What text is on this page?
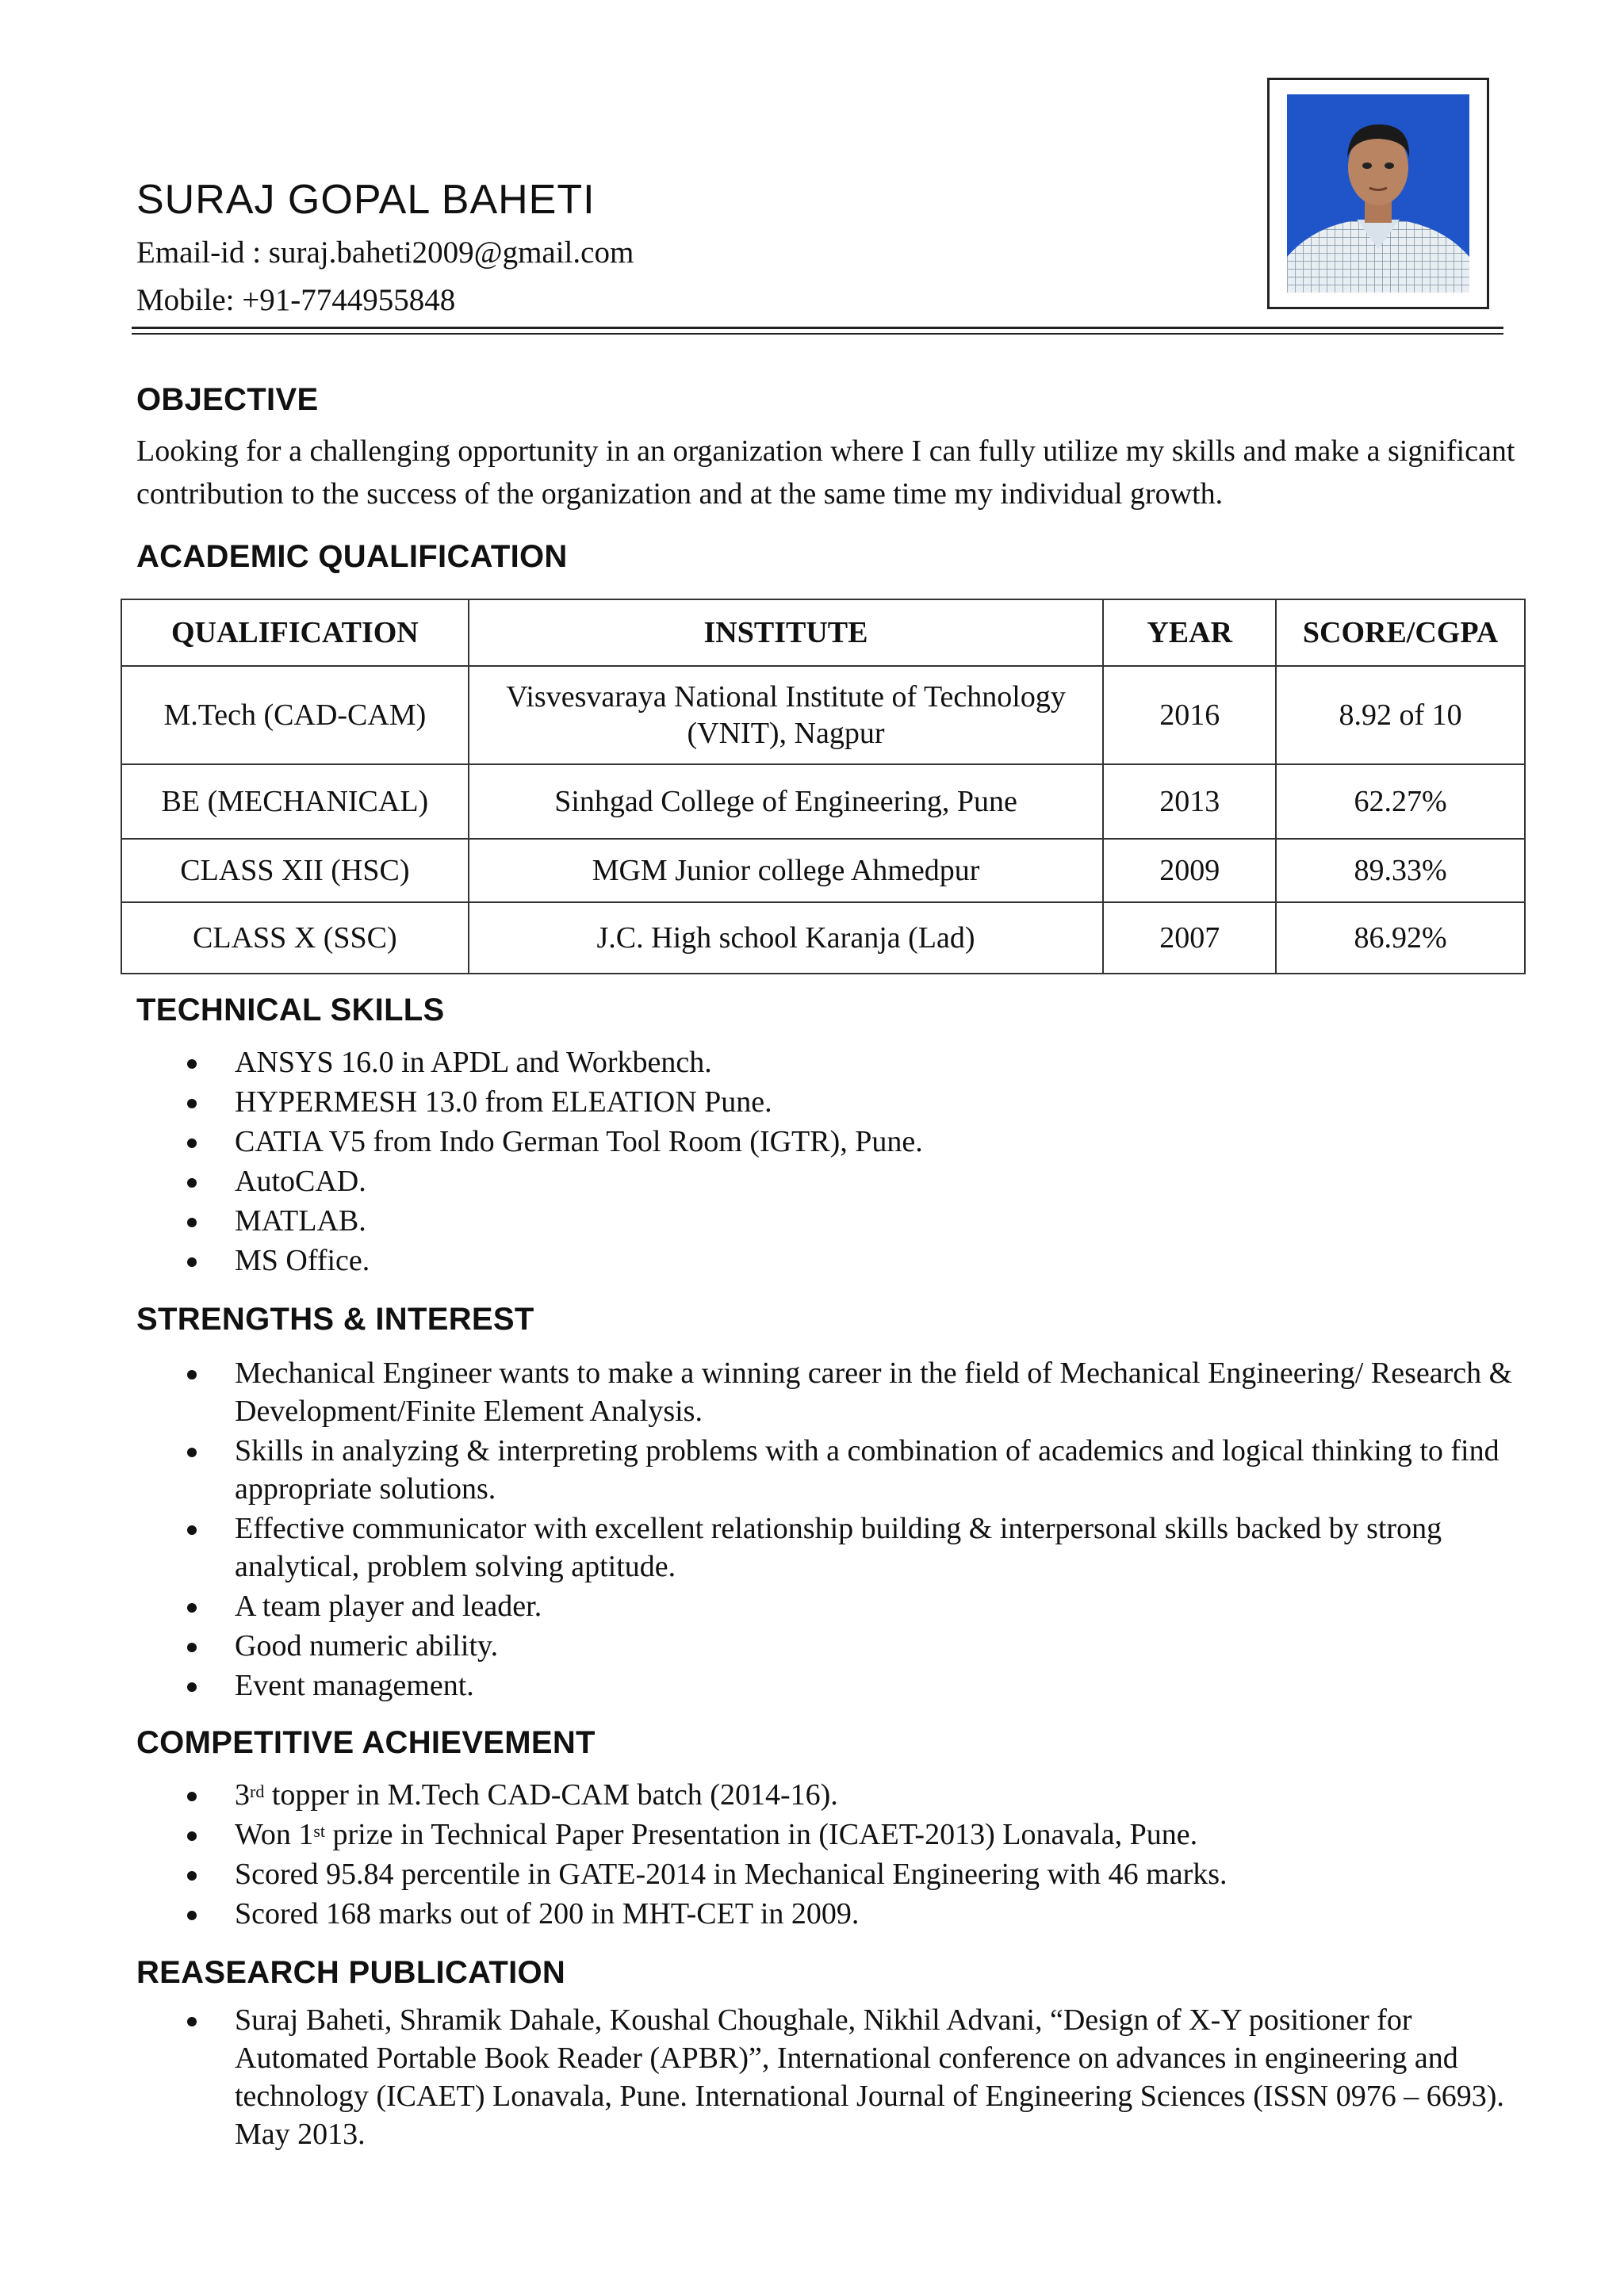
SURAJ GOPAL BAHETI
Email-id : suraj.baheti2009@gmail.com
Mobile: +91-7744955848
OBJECTIVE

Looking for a challenging opportunity in an organization where I can fully utilize my skills and make a significant contribution to the success of the organization and at the same time my individual growth.

ACADEMIC QUALIFICATION
QUALIFICATION	INSTITUTE	YEAR	SCORE/CGPA
M.Tech (CAD-CAM)	Visvesvaraya National Institute of Technology (VNIT), Nagpur	2016	8.92 of 10
BE (MECHANICAL)	Sinhgad College of Engineering, Pune	2013	62.27%
CLASS XII (HSC)	MGM Junior college Ahmedpur	2009	89.33%
CLASS X (SSC)	J.C. High school Karanja (Lad)	2007	86.92%
TECHNICAL SKILLS
ANSYS 16.0 in APDL and Workbench.
HYPERMESH 13.0 from ELEATION Pune.
CATIA V5 from Indo German Tool Room (IGTR), Pune.
AutoCAD.
MATLAB.
MS Office.
STRENGTHS & INTEREST
Mechanical Engineer wants to make a winning career in the field of Mechanical Engineering/ Research & Development/Finite Element Analysis.
Skills in analyzing & interpreting problems with a combination of academics and logical thinking to find appropriate solutions.
Effective communicator with excellent relationship building & interpersonal skills backed by strong analytical, problem solving aptitude.
A team player and leader.
Good numeric ability.
Event management.
COMPETITIVE ACHIEVEMENT
3rd topper in M.Tech CAD-CAM batch (2014-16).
Won 1st prize in Technical Paper Presentation in (ICAET-2013) Lonavala, Pune.
Scored 95.84 percentile in GATE-2014 in Mechanical Engineering with 46 marks.
Scored 168 marks out of 200 in MHT-CET in 2009.
REASEARCH PUBLICATION
Suraj Baheti, Shramik Dahale, Koushal Choughale, Nikhil Advani, “Design of X-Y positioner for Automated Portable Book Reader (APBR)”, International conference on advances in engineering and technology (ICAET) Lonavala, Pune. International Journal of Engineering Sciences (ISSN 0976 – 6693). May 2013.
